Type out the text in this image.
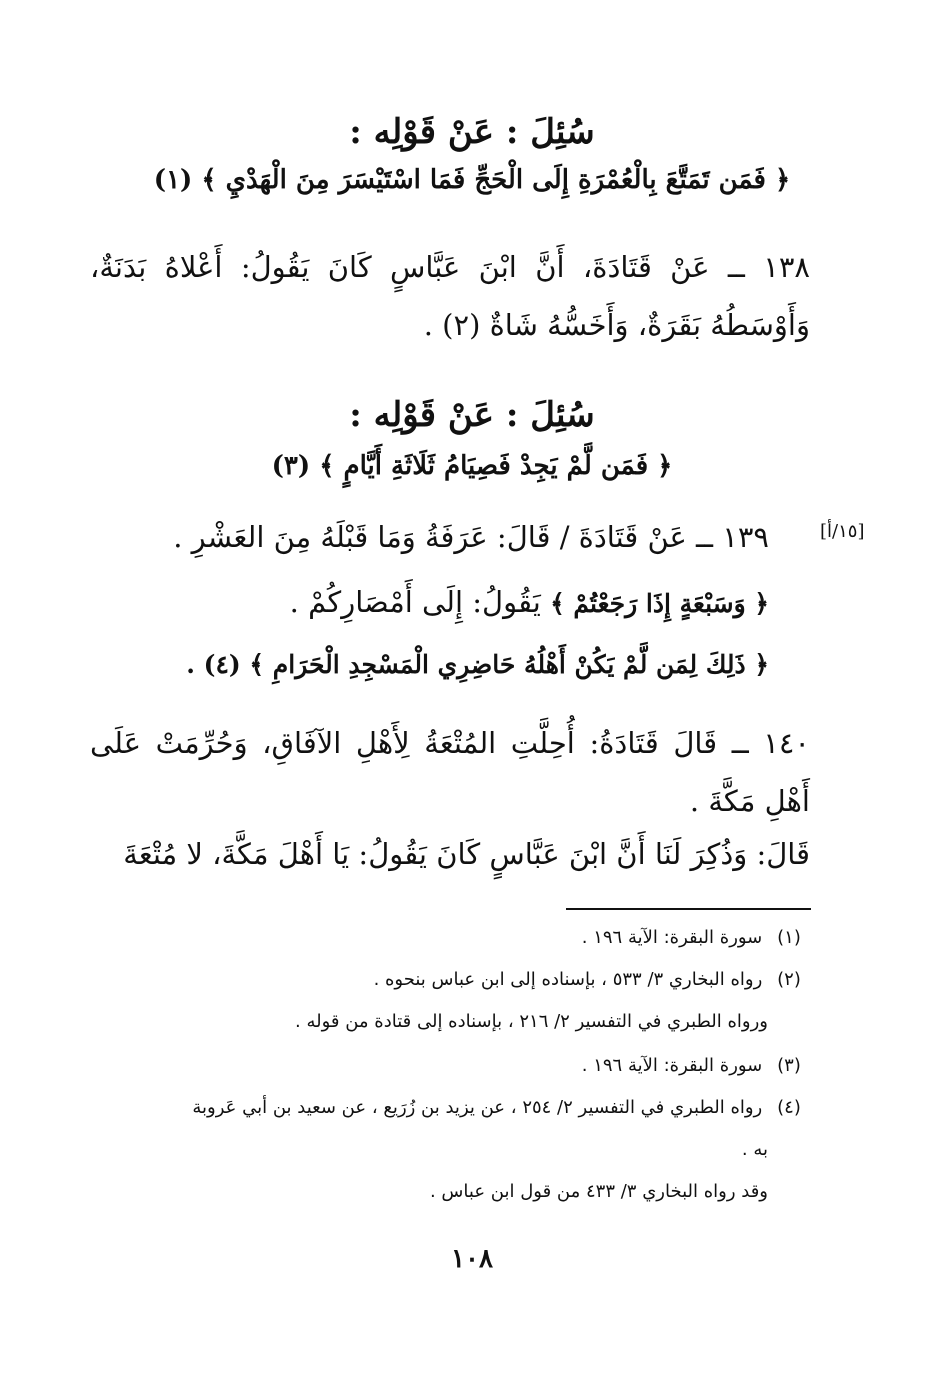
سُئِلَ : عَنْ قَوْلِه :
﴿ فَمَن تَمَتَّعَ بِالْعُمْرَةِ إِلَى الْحَجِّ فَمَا اسْتَيْسَرَ مِنَ الْهَدْيِ ﴾ (١)
١٣٨ ــ عَنْ قَتَادَةَ، أَنَّ ابْنَ عَبَّاسٍ كَانَ يَقُولُ: أَعْلاهُ بَدَنَةٌ، وَأَوْسَطُهُ بَقَرَةٌ، وَأَخَسُّهُ شَاةٌ (٢) .
سُئِلَ : عَنْ قَوْلِه :
﴿ فَمَن لَّمْ يَجِدْ فَصِيَامُ ثَلَاثَةِ أَيَّامٍ ﴾ (٣)
[١٥/أ]
١٣٩ ــ عَنْ قَتَادَةَ / قَالَ: عَرَفَةُ وَمَا قَبْلَهُ مِنَ العَشْرِ .
﴿ وَسَبْعَةٍ إِذَا رَجَعْتُمْ ﴾ يَقُولُ: إِلَى أَمْصَارِكُمْ .
﴿ ذَلِكَ لِمَن لَّمْ يَكُنْ أَهْلُهُ حَاضِرِي الْمَسْجِدِ الْحَرَامِ ﴾ (٤) .
١٤٠ ــ قَالَ قَتَادَةُ: أُحِلَّتِ المُتْعَةُ لِأَهْلِ الآفَاقِ، وَحُرِّمَتْ عَلَى أَهْلِ مَكَّةَ .
قَالَ: وَذُكِرَ لَنَا أَنَّ ابْنَ عَبَّاسٍ كَانَ يَقُولُ: يَا أَهْلَ مَكَّةَ، لا مُتْعَةَ
(١) سورة البقرة: الآية ١٩٦ .
(٢) رواه البخاري ٣/ ٥٣٣ ، بإسناده إلى ابن عباس بنحوه .
ورواه الطبري في التفسير ٢/ ٢١٦ ، بإسناده إلى قتادة من قوله .
(٣) سورة البقرة: الآية ١٩٦ .
(٤) رواه الطبري في التفسير ٢/ ٢٥٤ ، عن يزيد بن زُرَيع ، عن سعيد بن أبي عَروبة
به .
وقد رواه البخاري ٣/ ٤٣٣ من قول ابن عباس .
١٠٨
